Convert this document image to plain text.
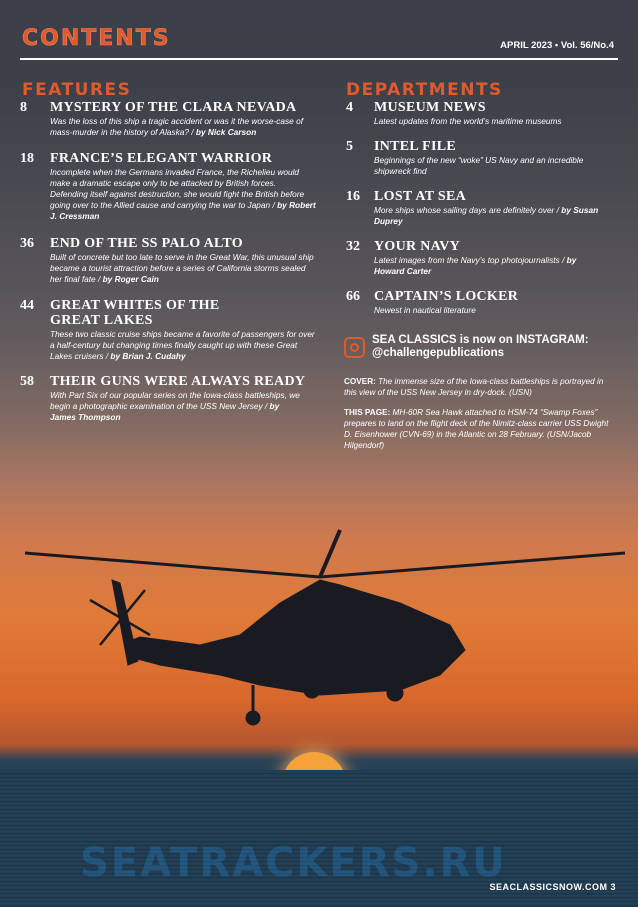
CONTENTS	APRIL 2023 • Vol. 56/No.4
FEATURES	DEPARTMENTS
8 MYSTERY OF THE CLARA NEVADA
Was the loss of this ship a tragic accident or was it the worse-case of mass-murder in the history of Alaska? / by Nick Carson
18 FRANCE’S ELEGANT WARRIOR
Incomplete when the Germans invaded France, the Richelieu would make a dramatic escape only to be attacked by British forces. Defending itself against destruction, she would fight the British before going over to the Allied cause and carrying the war to Japan / by Robert J. Cressman
36 END OF THE SS PALO ALTO
Built of concrete but too late to serve in the Great War, this unusual ship became a tourist attraction before a series of California storms sealed her final fate / by Roger Cain
44 GREAT WHITES OF THE GREAT LAKES
These two classic cruise ships became a favorite of passengers for over a half-century but changing times finally caught up with these Great Lakes cruisers / by Brian J. Cudahy
58 THEIR GUNS WERE ALWAYS READY
With Part Six of our popular series on the Iowa-class battleships, we begin a photographic examination of the USS New Jersey / by James Thompson
4 MUSEUM NEWS
Latest updates from the world’s maritime museums
5 INTEL FILE
Beginnings of the new “woke” US Navy and an incredible shipwreck find
16 LOST AT SEA
More ships whose sailing days are definitely over / by Susan Duprey
32 YOUR NAVY
Latest images from the Navy’s top photojournalists / by Howard Carter
66 CAPTAIN’S LOCKER
Newest in nautical literature
SEA CLASSICS is now on INSTAGRAM:
@challengepublications
COVER: The immense size of the Iowa-class battleships is portrayed in this view of the USS New Jersey in dry-dock. (USN)
THIS PAGE: MH-60R Sea Hawk attached to HSM-74 “Swamp Foxes” prepares to land on the flight deck of the Nimitz-class carrier USS Dwight D. Eisenhower (CVN-69) in the Atlantic on 28 February. (USN/Jacob Hilgendorf)
SEATRACKERS.RU
SEACLASSICSNOW.COM 3
